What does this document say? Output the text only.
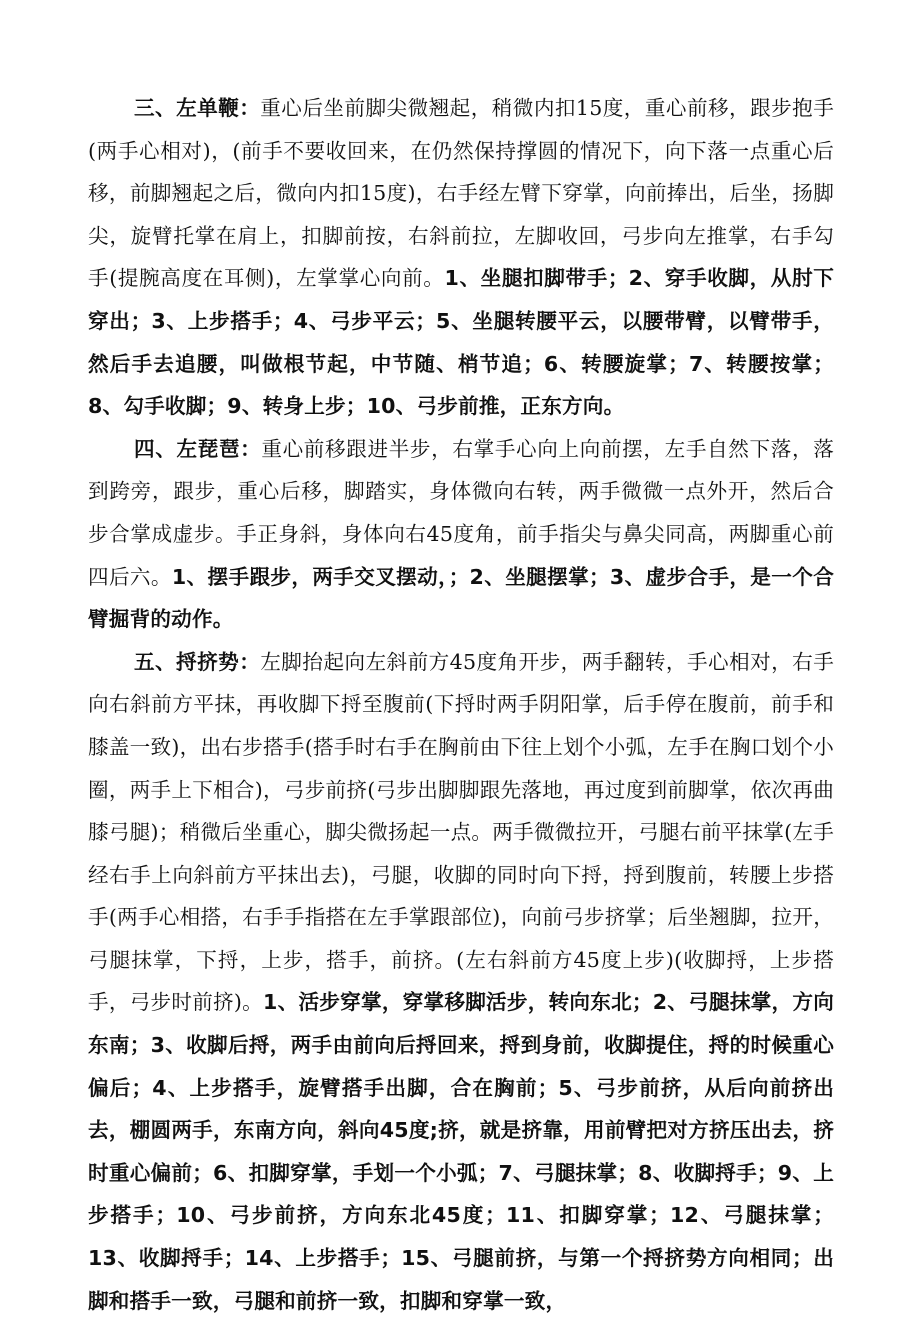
三、左单鞭：重心后坐前脚尖微翘起，稍微内扣15度，重心前移，跟步抱手(两手心相对)，(前手不要收回来，在仍然保持撑圆的情况下，向下落一点重心后移，前脚翘起之后，微向内扣15度)，右手经左臂下穿掌，向前捧出，后坐，扬脚尖，旋臂托掌在肩上，扣脚前按，右斜前拉，左脚收回，弓步向左推掌，右手勾手(提腕高度在耳侧)，左掌掌心向前。1、坐腿扣脚带手；2、穿手收脚，从肘下穿出；3、上步搭手；4、弓步平云；5、坐腿转腰平云，以腰带臂，以臂带手，然后手去追腰，叫做根节起，中节随、梢节追；6、转腰旋掌；7、转腰按掌；8、勾手收脚；9、转身上步；10、弓步前推，正东方向。

四、左琵琶：重心前移跟进半步，右掌手心向上向前摆，左手自然下落，落到跨旁，跟步，重心后移，脚踏实，身体微向右转，两手微微一点外开，然后合步合掌成虚步。手正身斜，身体向右45度角，前手指尖与鼻尖同高，两脚重心前四后六。1、摆手跟步，两手交叉摆动，；2、坐腿摆掌；3、虚步合手，是一个合臂掘背的动作。

五、捋挤势：左脚抬起向左斜前方45度角开步，两手翻转，手心相对，右手向右斜前方平抹，再收脚下捋至腹前(下捋时两手阴阳掌，后手停在腹前，前手和膝盖一致)，出右步搭手(搭手时右手在胸前由下往上划个小弧，左手在胸口划个小圈，两手上下相合)，弓步前挤(弓步出脚脚跟先落地，再过度到前脚掌，依次再曲膝弓腿)；稍微后坐重心，脚尖微扬起一点。两手微微拉开，弓腿右前平抹掌(左手经右手上向斜前方平抹出去)，弓腿，收脚的同时向下捋，捋到腹前，转腰上步搭手(两手心相搭，右手手指搭在左手掌跟部位)，向前弓步挤掌；后坐翘脚，拉开，弓腿抹掌，下捋，上步，搭手，前挤。(左右斜前方45度上步)(收脚捋，上步搭手，弓步时前挤)。1、活步穿掌，穿掌移脚活步，转向东北；2、弓腿抹掌，方向东南；3、收脚后捋，两手由前向后捋回来，捋到身前，收脚提住，捋的时候重心偏后；4、上步搭手，旋臂搭手出脚，合在胸前；5、弓步前挤，从后向前挤出去，棚圆两手，东南方向，斜向45度;挤，就是挤靠，用前臂把对方挤压出去，挤时重心偏前；6、扣脚穿掌，手划一个小弧；7、弓腿抹掌；8、收脚捋手；9、上步搭手；10、弓步前挤，方向东北45度；11、扣脚穿掌；12、弓腿抹掌；13、收脚捋手；14、上步搭手；15、弓腿前挤，与第一个捋挤势方向相同；出脚和搭手一致，弓腿和前挤一致，扣脚和穿掌一致，
